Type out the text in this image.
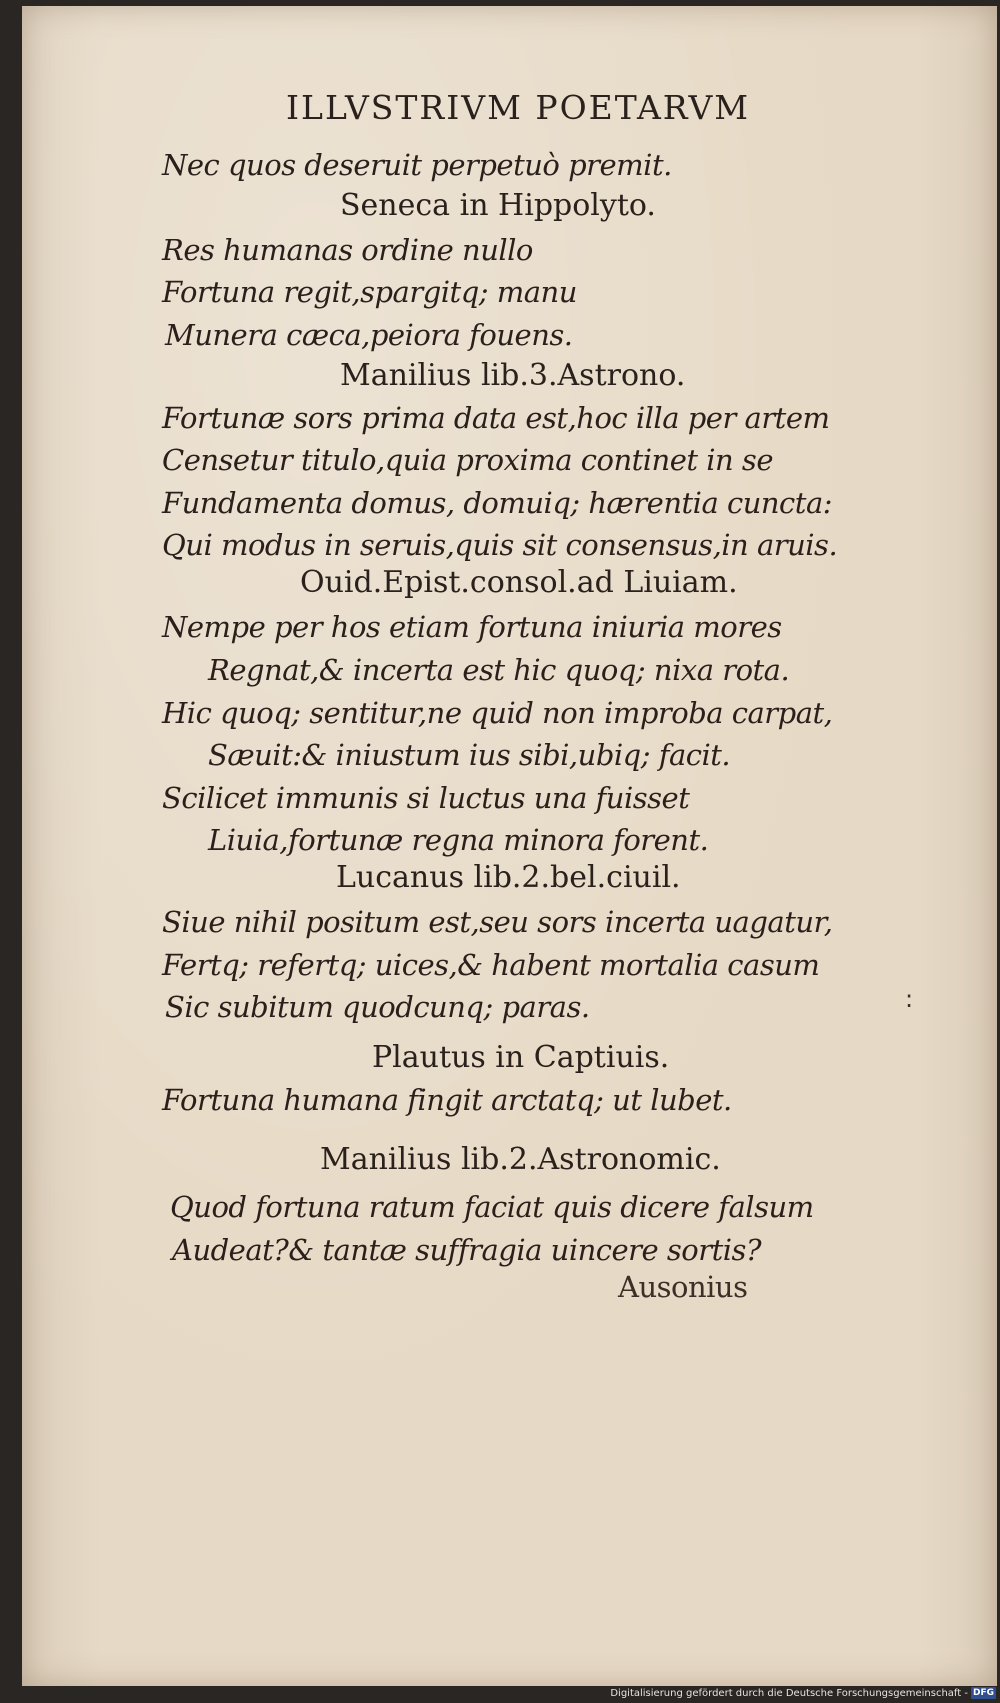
ILLVSTRIVM POETARVM
Nec quos deseruit perpetuò premit.
Seneca in Hippolyto.
Res humanas ordine nullo
Fortuna regit,spargitq; manu
Munera cæca,peiora fouens.
Manilius lib.3.Astrono.
Fortunæ sors prima data est,hoc illa per artem
Censetur titulo,quia proxima continet in se
Fundamenta domus, domuiq; hærentia cuncta:
Qui modus in seruis,quis sit consensus,in aruis.
Ouid.Epist.consol.ad Liuiam.
Nempe per hos etiam fortuna iniuria mores
Regnat,& incerta est hic quoq; nixa rota.
Hic quoq; sentitur,ne quid non improba carpat,
Sæuit:& iniustum ius sibi,ubiq; facit.
Scilicet immunis si luctus una fuisset
Liuia,fortunæ regna minora forent.
Lucanus lib.2.bel.ciuil.
Siue nihil positum est,seu sors incerta uagatur,
Fertq; refertq; uices,& habent mortalia casum
Sic subitum quodcunq; paras.
Plautus in Captiuis.
Fortuna humana fingit arctatq; ut lubet.
Manilius lib.2.Astronomic.
Quod fortuna ratum faciat quis dicere falsum
Audeat?& tantæ suffragia uincere sortis?
Ausonius
:
Digitalisierung gefördert durch die Deutsche Forschungsgemeinschaft - DFG
